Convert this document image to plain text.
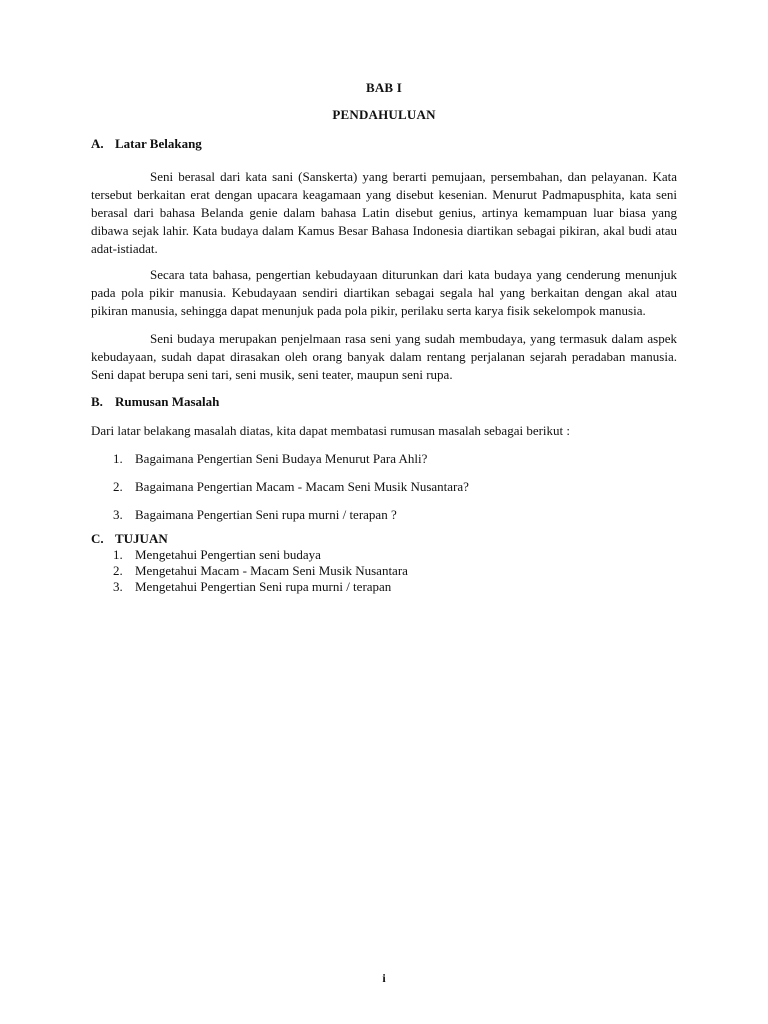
BAB I
PENDAHULUAN

A. Latar Belakang

Seni berasal dari kata sani (Sanskerta) yang berarti pemujaan, persembahan, dan pelayanan. Kata tersebut berkaitan erat dengan upacara keagamaan yang disebut kesenian. Menurut Padmapusphita, kata seni berasal dari bahasa Belanda genie dalam bahasa Latin disebut genius, artinya kemampuan luar biasa yang dibawa sejak lahir. Kata budaya dalam Kamus Besar Bahasa Indonesia diartikan sebagai pikiran, akal budi atau adat-istiadat.

Secara tata bahasa, pengertian kebudayaan diturunkan dari kata budaya yang cenderung menunjuk pada pola pikir manusia. Kebudayaan sendiri diartikan sebagai segala hal yang berkaitan dengan akal atau pikiran manusia, sehingga dapat menunjuk pada pola pikir, perilaku serta karya fisik sekelompok manusia.

Seni budaya merupakan penjelmaan rasa seni yang sudah membudaya, yang termasuk dalam aspek kebudayaan, sudah dapat dirasakan oleh orang banyak dalam rentang perjalanan sejarah peradaban manusia. Seni dapat berupa seni tari, seni musik, seni teater, maupun seni rupa.

B. Rumusan Masalah

Dari latar belakang masalah diatas, kita dapat membatasi rumusan masalah sebagai berikut :

1. Bagaimana Pengertian Seni Budaya Menurut Para Ahli?
2. Bagaimana Pengertian Macam - Macam Seni Musik Nusantara?
3. Bagaimana Pengertian Seni rupa murni / terapan ?

C. TUJUAN

1. Mengetahui Pengertian seni budaya
2. Mengetahui Macam - Macam Seni Musik Nusantara
3. Mengetahui Pengertian Seni rupa murni / terapan
i
